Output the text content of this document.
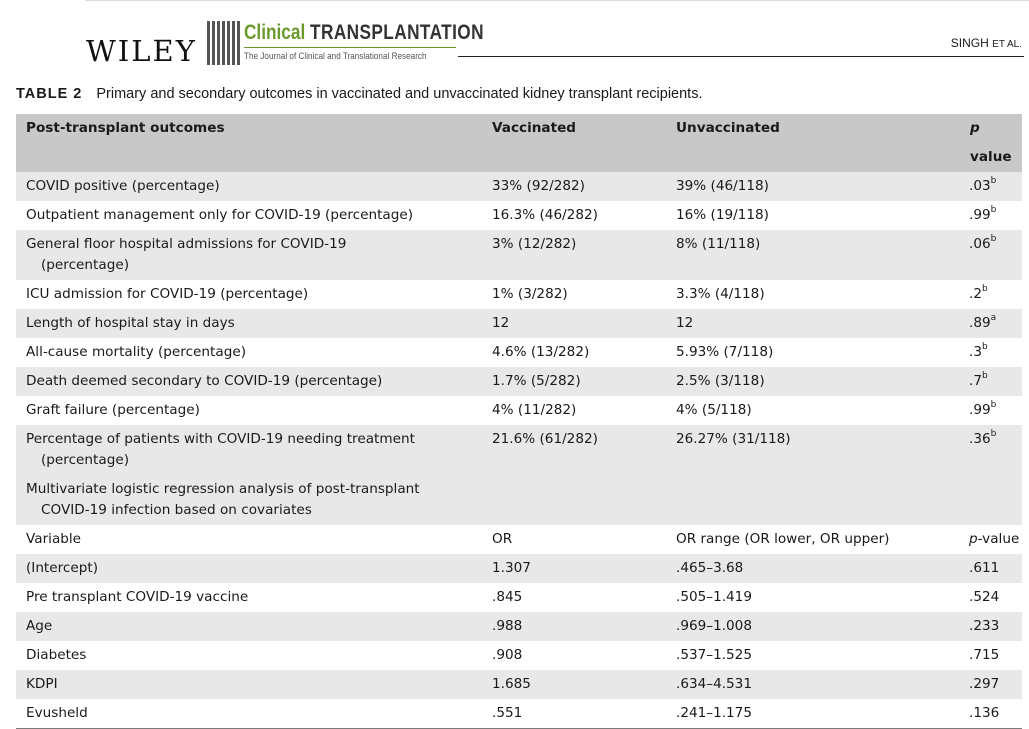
WILEY
Clinical TRANSPLANTATION
The Journal of Clinical and Translational Research
SINGH ET AL.
TABLE 2 Primary and secondary outcomes in vaccinated and unvaccinated kidney transplant recipients.
Post-transplant outcomes	Vaccinated	Unvaccinated	p value
COVID positive (percentage)	33% (92/282)	39% (46/118)	.03$^b$
Outpatient management only for COVID-19 (percentage)	16.3% (46/282)	16% (19/118)	.99$^b$
General floor hospital admissions for COVID-19
(percentage)	3% (12/282)	8% (11/118)	.06$^b$
ICU admission for COVID-19 (percentage)	1% (3/282)	3.3% (4/118)	.2$^b$
Length of hospital stay in days	12	12	.89$^a$
All-cause mortality (percentage)	4.6% (13/282)	5.93% (7/118)	.3$^b$
Death deemed secondary to COVID-19 (percentage)	1.7% (5/282)	2.5% (3/118)	.7$^b$
Graft failure (percentage)	4% (11/282)	4% (5/118)	.99$^b$
Percentage of patients with COVID-19 needing treatment
(percentage)	21.6% (61/282)	26.27% (31/118)	.36$^b$
Multivariate logistic regression analysis of post-transplant
COVID-19 infection based on covariates			

Variable	OR	OR range (OR lower, OR upper)	p-value
(Intercept)	1.307	.465–3.68	.611
Pre transplant COVID-19 vaccine	.845	.505–1.419	.524
Age	.988	.969–1.008	.233
Diabetes	.908	.537–1.525	.715
KDPI	1.685	.634–4.531	.297
Evusheld	.551	.241–1.175	.136
